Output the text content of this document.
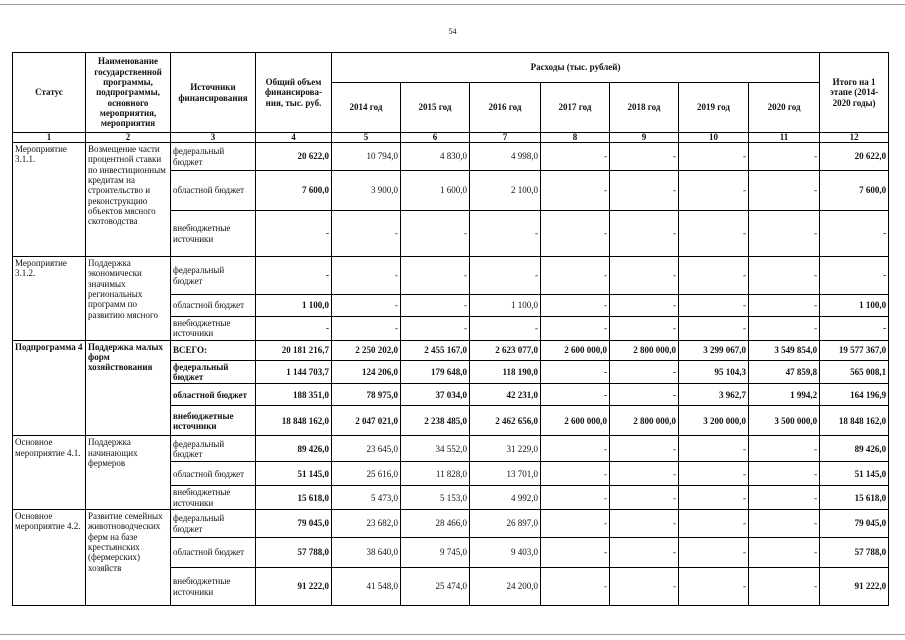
54
Статус	Наименование государственной программы, подпрограммы, основного мероприятия, мероприятия	Источники финансирования	Общий объем финансирова-ния, тыс. руб.	Расходы (тыс. рублей)							Итого на 1 этапе (2014-2020 годы)
				2014 год	2015 год	2016 год	2017 год	2018 год	2019 год	2020 год	
1	2	3	4	5	6	7	8	9	10	11	12
Мероприятие 3.1.1.	Возмещение части процентной ставки по инвестиционным кредитам на строительство и реконструкцию объектов мясного скотоводства	федеральный бюджет	20 622,0	10 794,0	4 830,0	4 998,0	-	-	-	-	20 622,0
		областной бюджет	7 600,0	3 900,0	1 600,0	2 100,0	-	-	-	-	7 600,0
		внебюджетные источники	-	-	-	-	-	-	-	-	-
Мероприятие 3.1.2.	Поддержка экономически значимых региональных программ по развитию мясного	федеральный бюджет	-	-	-	-	-	-	-	-	-
		областной бюджет	1 100,0	-	-	1 100,0	-	-	-	-	1 100,0
		внебюджетные источники	-	-	-	-	-	-	-	-	-
Подпрограмма 4	Поддержка малых форм хозяйствования	ВСЕГО:	20 181 216,7	2 250 202,0	2 455 167,0	2 623 077,0	2 600 000,0	2 800 000,0	3 299 067,0	3 549 854,0	19 577 367,0
		федеральный бюджет	1 144 703,7	124 206,0	179 648,0	118 190,0	-	-	95 104,3	47 859,8	565 008,1
		областной бюджет	188 351,0	78 975,0	37 034,0	42 231,0	-	-	3 962,7	1 994,2	164 196,9
		внебюджетные источники	18 848 162,0	2 047 021,0	2 238 485,0	2 462 656,0	2 600 000,0	2 800 000,0	3 200 000,0	3 500 000,0	18 848 162,0
Основное мероприятие 4.1.	Поддержка начинающих фермеров	федеральный бюджет	89 426,0	23 645,0	34 552,0	31 229,0	-	-	-	-	89 426,0
		областной бюджет	51 145,0	25 616,0	11 828,0	13 701,0	-	-	-	-	51 145,0
		внебюджетные источники	15 618,0	5 473,0	5 153,0	4 992,0	-	-	-	-	15 618,0
Основное мероприятие 4.2.	Развитие семейных животноводческих ферм на базе крестьянских (фермерских) хозяйств	федеральный бюджет	79 045,0	23 682,0	28 466,0	26 897,0	-	-	-	-	79 045,0
		областной бюджет	57 788,0	38 640,0	9 745,0	9 403,0	-	-	-	-	57 788,0
		внебюджетные источники	91 222,0	41 548,0	25 474,0	24 200,0	-	-	-	-	91 222,0
